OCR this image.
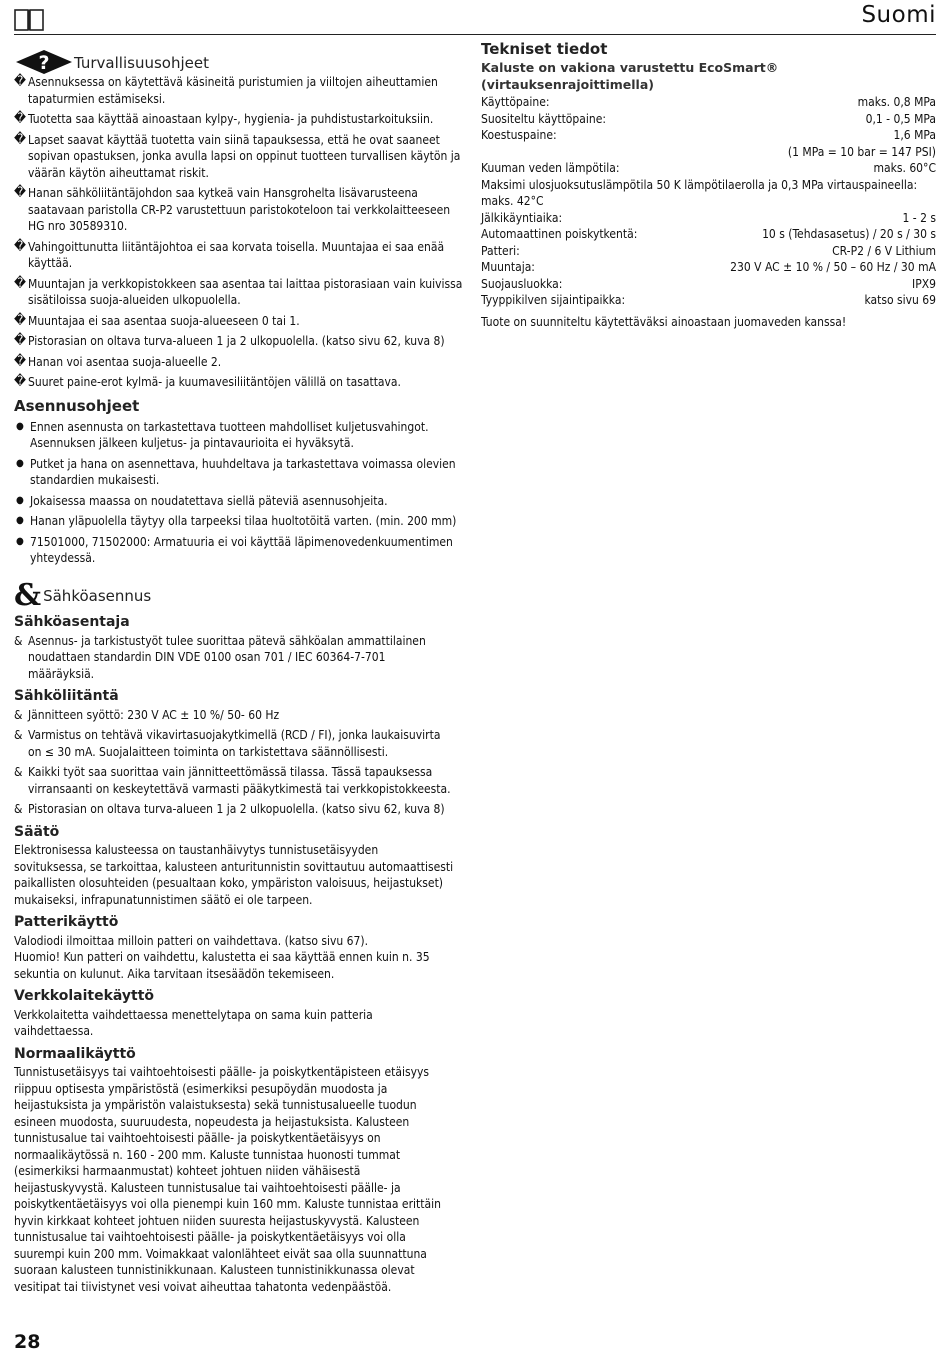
Suomi
? Turvallisuusohjeet
� Asennuksessa on käytettävä käsineitä puristumien ja viiltojen aiheuttamien tapaturmien estämiseksi.
� Tuotetta saa käyttää ainoastaan kylpy-, hygienia- ja puhdistustarkoituksiin.
� Lapset saavat käyttää tuotetta vain siinä tapauksessa, että he ovat saaneet sopivan opastuksen, jonka avulla lapsi on oppinut tuotteen turvallisen käytön ja väärän käytön aiheuttamat riskit.
� Hanan sähköliitäntäjohdon saa kytkeä vain Hansgrohelta lisävarusteena saatavaan paristolla CR-P2 varustettuun paristokoteloon tai verkkolaitteeseen HG nro 30589310.
� Vahingoittunutta liitäntäjohtoa ei saa korvata toisella. Muuntajaa ei saa enää käyttää.
� Muuntajan ja verkkopistokkeen saa asentaa tai laittaa pistorasiaan vain kuivissa sisätiloissa suoja-alueiden ulkopuolella.
� Muuntajaa ei saa asentaa suoja-alueeseen 0 tai 1.
� Pistorasian on oltava turva-alueen 1 ja 2 ulkopuolella. (katso sivu 62, kuva 8)
� Hanan voi asentaa suoja-alueelle 2.
� Suuret paine-erot kylmä- ja kuumavesiliitäntöjen välillä on tasattava.
Asennusohjeet
● Ennen asennusta on tarkastettava tuotteen mahdolliset kuljetusvahingot. Asennuksen jälkeen kuljetus- ja pintavaurioita ei hyväksytä.
● Putket ja hana on asennettava, huuhdeltava ja tarkastettava voimassa olevien standardien mukaisesti.
● Jokaisessa maassa on noudatettava siellä päteviä asennusohjeita.
● Hanan yläpuolella täytyy olla tarpeeksi tilaa huoltotöitä varten. (min. 200 mm)
● 71501000, 71502000: Armatuuria ei voi käyttää läpimenovedenkuumentimen yhteydessä.
Tekniset tiedot
Kaluste on vakiona varustettu EcoSmart® (virtauksenrajoittimella)
Käyttöpaine:	maks. 0,8 MPa
Suositeltu käyttöpaine:	0,1 - 0,5 MPa
Koestuspaine:	1,6 MPa
(1 MPa = 10 bar = 147 PSI)
Kuuman veden lämpötila:	maks. 60°C

Maksimi ulosjuoksutuslämpötila 50 K lämpötilaerolla ja 0,3 MPa virtauspaineella:

maks. 42°C

Jälkikäyntiaika:	1 - 2 s
Automaattinen poiskytkentä:	10 s (Tehdasasetus) / 20 s / 30 s
Patteri:	CR-P2 / 6 V Lithium
Muuntaja:	230 V AC ± 10 % / 50 – 60 Hz / 30 mA
Suojausluokka:	IPX9
Tyyppikilven sijaintipaikka:	katso sivu 69

Tuote on suunniteltu käytettäväksi ainoastaan juomaveden kanssa!

& Sähköasennus
Sähköasentaja
& Asennus- ja tarkistustyöt tulee suorittaa pätevä sähköalan ammattilainen noudattaen standardin DIN VDE 0100 osan 701 / IEC 60364-7-701 määräyksiä.
Sähköliitäntä
& Jännitteen syöttö: 230 V AC ± 10 %/ 50- 60 Hz
& Varmistus on tehtävä vikavirtasuojakytkimellä (RCD / FI), jonka laukaisuvirta on ≤ 30 mA. Suojalaitteen toiminta on tarkistettava säännöllisesti.
& Kaikki työt saa suorittaa vain jännitteettömässä tilassa. Tässä tapauksessa virransaanti on keskeytettävä varmasti pääkytkimestä tai verkkopistokkeesta.
& Pistorasian on oltava turva-alueen 1 ja 2 ulkopuolella. (katso sivu 62, kuva 8)
Säätö

Elektronisessa kalusteessa on taustanhäivytys tunnistusetäisyyden sovituksessa, se tarkoittaa, kalusteen anturitunnistin sovittautuu automaattisesti paikallisten olosuhteiden (pesualtaan koko, ympäriston valoisuus, heijastukset) mukaiseksi, infrapunatunnistimen säätö ei ole tarpeen.

Patterikäyttö

Valodiodi ilmoittaa milloin patteri on vaihdettava. (katso sivu 67).

Huomio! Kun patteri on vaihdettu, kalustetta ei saa käyttää ennen kuin n. 35 sekuntia on kulunut. Aika tarvitaan itsesäädön tekemiseen.

Verkkolaitekäyttö

Verkkolaitetta vaihdettaessa menettelytapa on sama kuin patteria vaihdettaessa.

Normaalikäyttö

Tunnistusetäisyys tai vaihtoehtoisesti päälle- ja poiskytkentäpisteen etäisyys riippuu optisesta ympäristöstä (esimerkiksi pesupöydän muodosta ja heijastuksista ja ympäristön valaistuksesta) sekä tunnistusalueelle tuodun esineen muodosta, suuruudesta, nopeudesta ja heijastuksista. Kalusteen tunnistusalue tai vaihtoehtoisesti päälle- ja poiskytkentäetäisyys on normaalikäytössä n. 160 - 200 mm. Kaluste tunnistaa huonosti tummat (esimerkiksi harmaanmustat) kohteet johtuen niiden vähäisestä heijastuskyvystä. Kalusteen tunnistusalue tai vaihtoehtoisesti päälle- ja poiskytkentäetäisyys voi olla pienempi kuin 160 mm. Kaluste tunnistaa erittäin hyvin kirkkaat kohteet johtuen niiden suuresta heijastuskyvystä. Kalusteen tunnistusalue tai vaihtoehtoisesti päälle- ja poiskytkentäetäisyys voi olla suurempi kuin 200 mm. Voimakkaat valonlähteet eivät saa olla suunnattuna suoraan kalusteen tunnistinikkunaan. Kalusteen tunnistinikkunassa olevat vesitipat tai tiivistynet vesi voivat aiheuttaa tahatonta vedenpäästöä.

28
